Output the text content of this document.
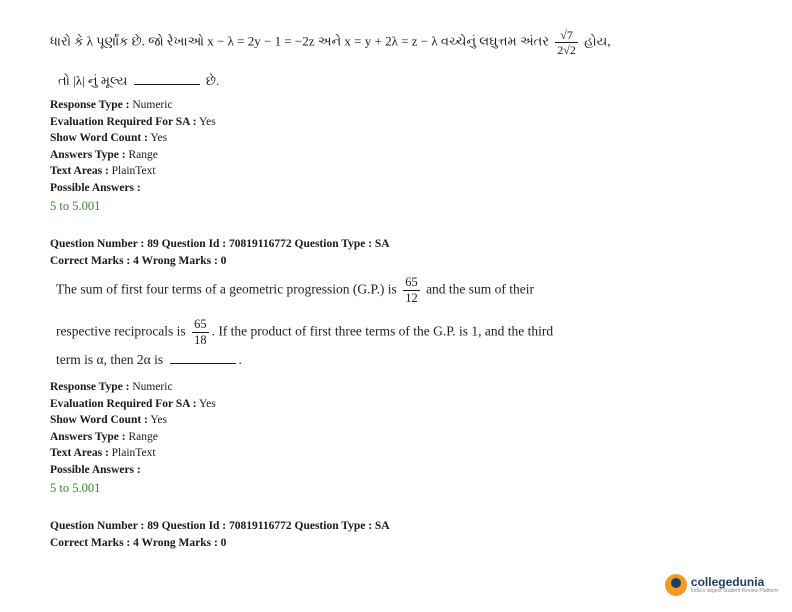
ધારો કે λ પૂર્ણાંક છે. જો રેખાઓ x − λ = 2y − 1 = −2z અને x = y + 2λ = z − λ વચ્ચેનું લઘુત્તમ અંતર $\frac{√7}{2√2}$ હોય,
તો |λ| નું મૂલ્ય	છે.
Response Type : Numeric
Evaluation Required For SA : Yes
Show Word Count : Yes
Answers Type : Range
Text Areas : PlainText
Possible Answers :
5 to 5.001
Question Number : 89 Question Id : 70819116772 Question Type : SA
Correct Marks : 4 Wrong Marks : 0
The sum of first four terms of a geometric progression (G.P.) is $\frac{65}{12}$ and the sum of their
respective reciprocals is $\frac{65}{18}$ . If the product of first three terms of the G.P. is 1, and the third
term is α, then 2α is	.
Response Type : Numeric
Evaluation Required For SA : Yes
Show Word Count : Yes
Answers Type : Range
Text Areas : PlainText
Possible Answers :
5 to 5.001
Question Number : 89 Question Id : 70819116772 Question Type : SA
Correct Marks : 4 Wrong Marks : 0
collegedunia
India's largest Student Review Platform
